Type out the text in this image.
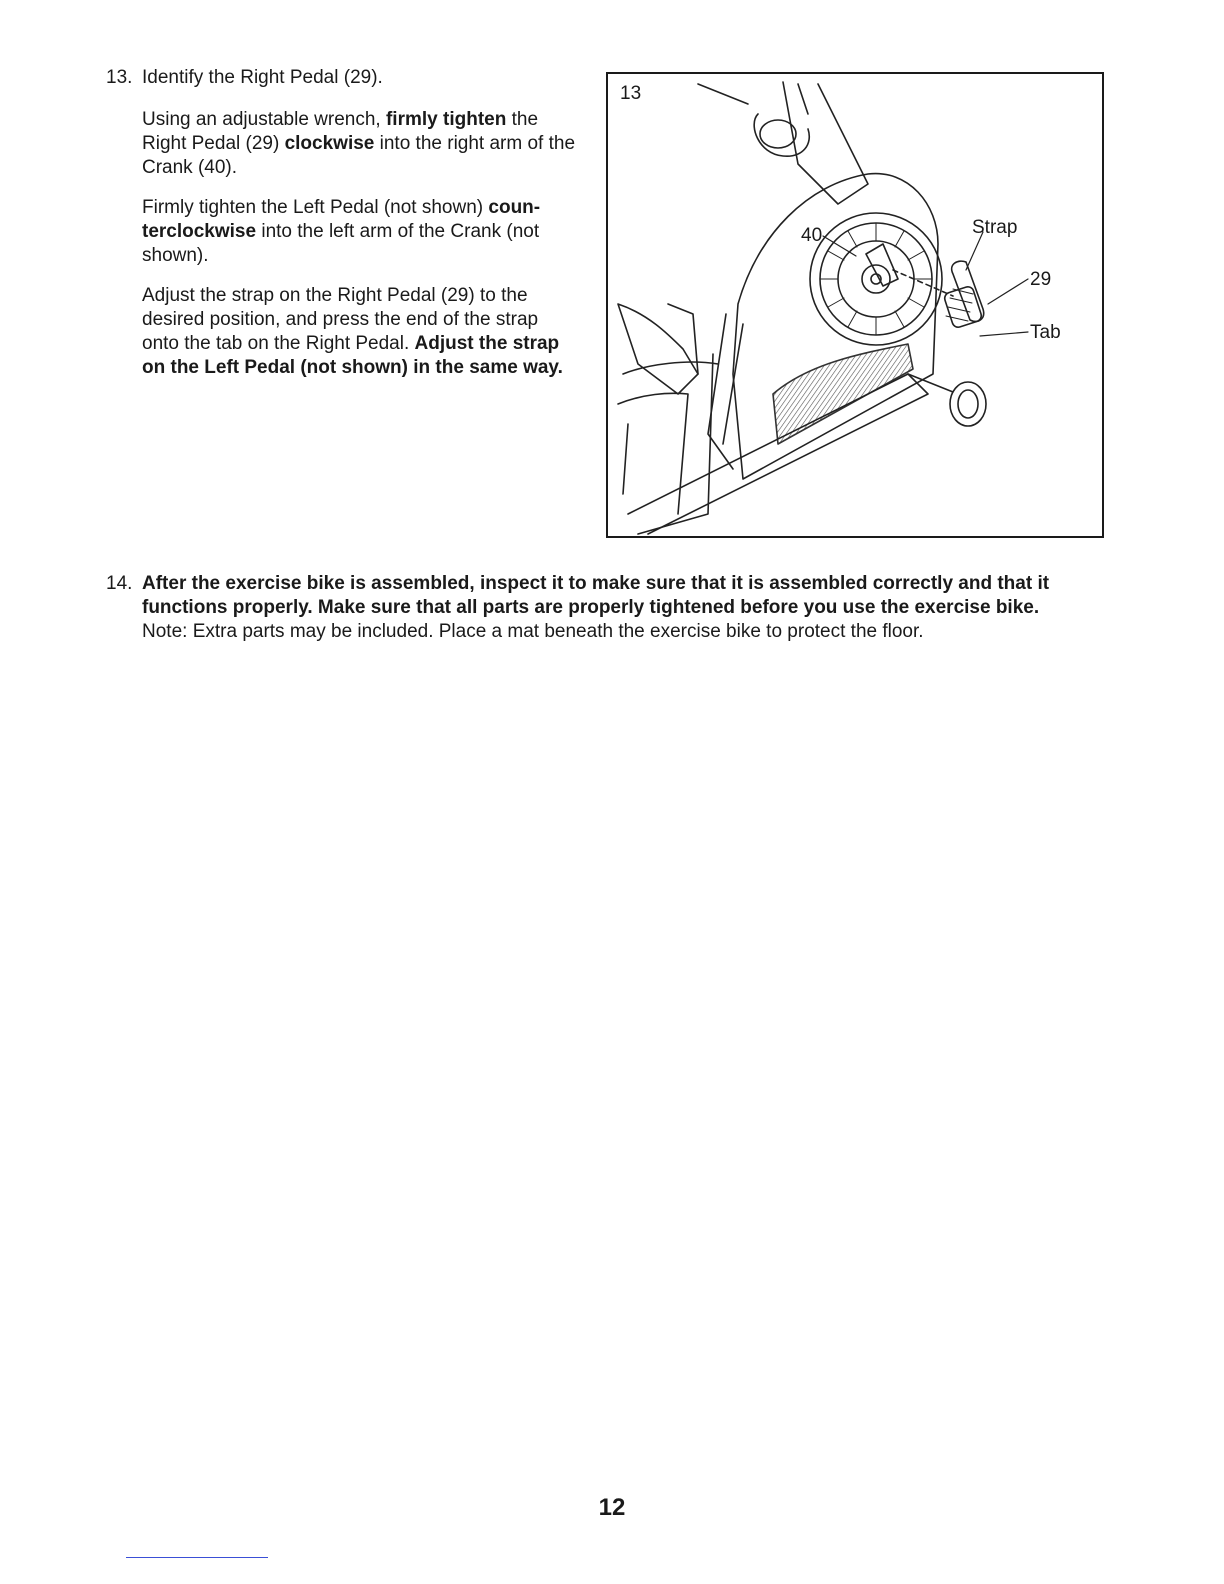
13. Identify the Right Pedal (29).

Using an adjustable wrench, firmly tighten the Right Pedal (29) clockwise into the right arm of the Crank (40).

Firmly tighten the Left Pedal (not shown) coun-terclockwise into the left arm of the Crank (not shown).

Adjust the strap on the Right Pedal (29) to the desired position, and press the end of the strap onto the tab on the Right Pedal. Adjust the strap on the Left Pedal (not shown) in the same way.

13
40	Strap
29
Tab
14. After the exercise bike is assembled, inspect it to make sure that it is assembled correctly and that it functions properly. Make sure that all parts are properly tightened before you use the exercise bike.
Note: Extra parts may be included. Place a mat beneath the exercise bike to protect the floor.
12
